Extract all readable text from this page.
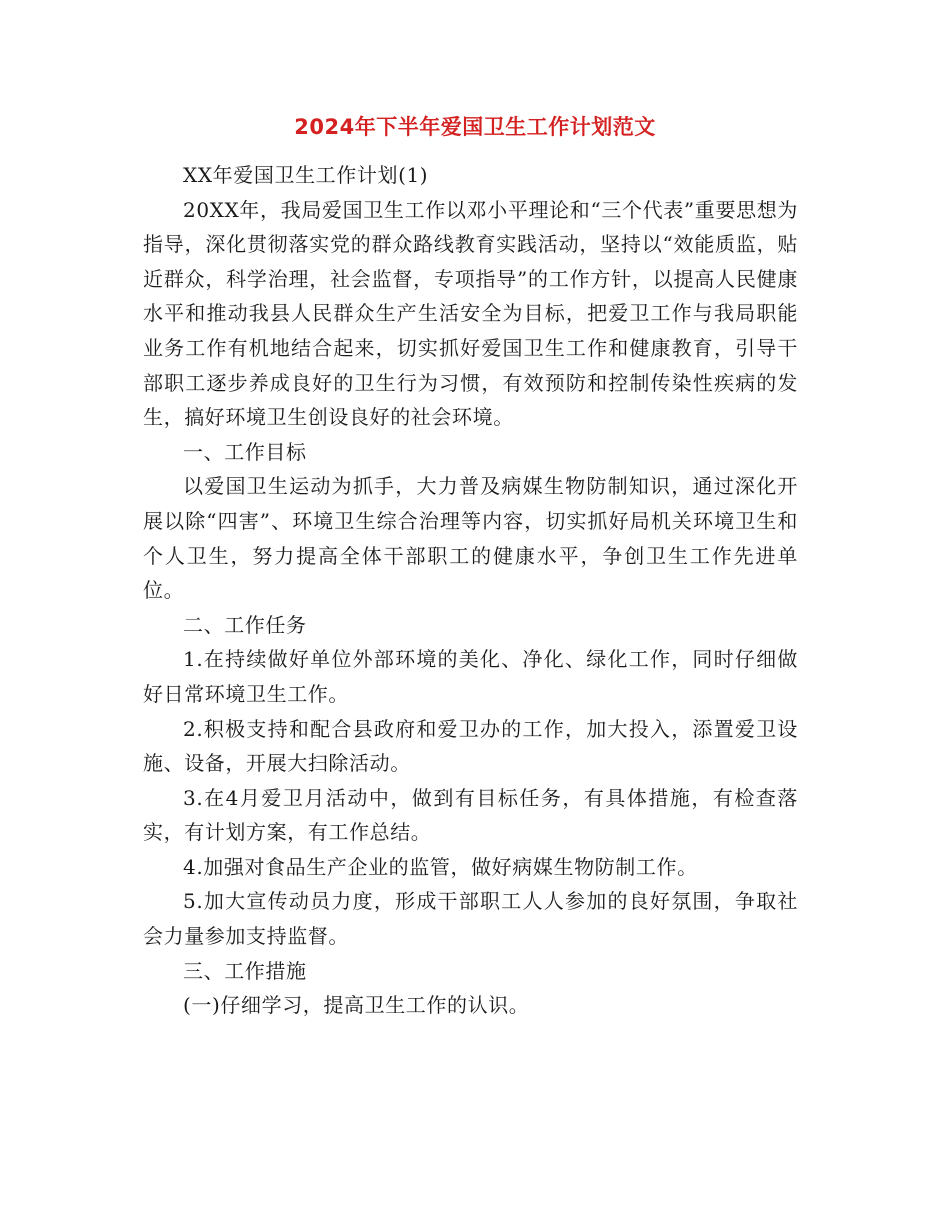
2024年下半年爱国卫生工作计划范文

XX年爱国卫生工作计划(1)

20XX年，我局爱国卫生工作以邓小平理论和“三个代表”重要思想为指导，深化贯彻落实党的群众路线教育实践活动，坚持以“效能质监，贴近群众，科学治理，社会监督，专项指导”的工作方针，以提高人民健康水平和推动我县人民群众生产生活安全为目标，把爱卫工作与我局职能业务工作有机地结合起来，切实抓好爱国卫生工作和健康教育，引导干部职工逐步养成良好的卫生行为习惯，有效预防和控制传染性疾病的发生，搞好环境卫生创设良好的社会环境。

一、工作目标

以爱国卫生运动为抓手，大力普及病媒生物防制知识，通过深化开展以除“四害”、环境卫生综合治理等内容，切实抓好局机关环境卫生和个人卫生，努力提高全体干部职工的健康水平，争创卫生工作先进单位。

二、工作任务

1.在持续做好单位外部环境的美化、净化、绿化工作，同时仔细做好日常环境卫生工作。

2.积极支持和配合县政府和爱卫办的工作，加大投入，添置爱卫设施、设备，开展大扫除活动。

3.在4月爱卫月活动中，做到有目标任务，有具体措施，有检查落实，有计划方案，有工作总结。

4.加强对食品生产企业的监管，做好病媒生物防制工作。

5.加大宣传动员力度，形成干部职工人人参加的良好氛围，争取社会力量参加支持监督。

三、工作措施

(一)仔细学习，提高卫生工作的认识。
